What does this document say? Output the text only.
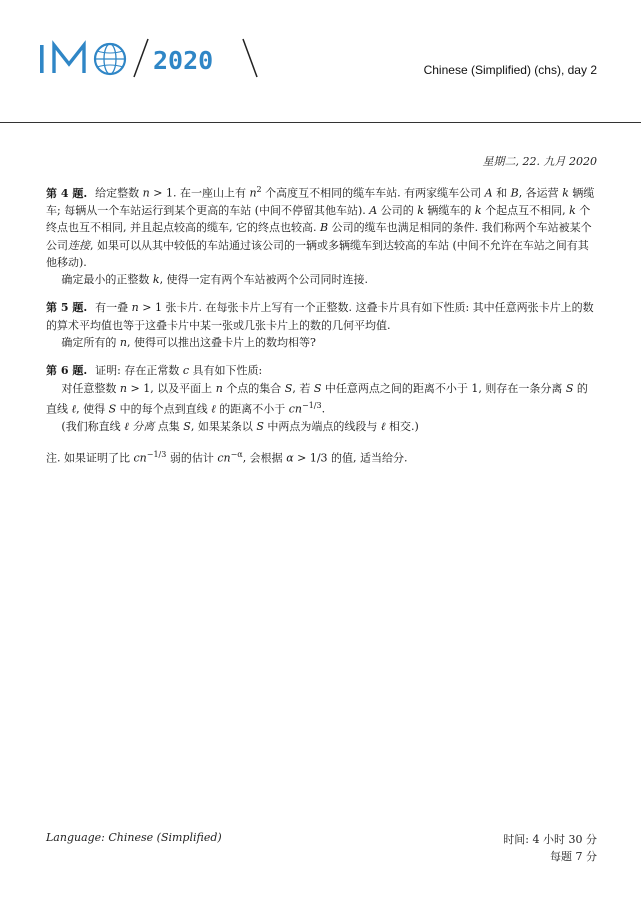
2020	Chinese (Simplified) (chs), day 2
星期二, 22. 九月 2020
第 4 题. 给定整数 n > 1. 在一座山上有 $n^2$ 个高度互不相同的缆车车站. 有两家缆车公司 A 和 B, 各运营 k 辆缆车; 每辆从一个车站运行到某个更高的车站 (中间不停留其他车站). A 公司的 k 辆缆车的 k 个起点互不相同, k 个终点也互不相同, 并且起点较高的缆车, 它的终点也较高. B 公司的缆车也满足相同的条件. 我们称两个车站被某个公司连接, 如果可以从其中较低的车站通过该公司的一辆或多辆缆车到达较高的车站 (中间不允许在车站之间有其他移动).
确定最小的正整数 k, 使得一定有两个车站被两个公司同时连接.
第 5 题. 有一叠 n > 1 张卡片. 在每张卡片上写有一个正整数. 这叠卡片具有如下性质: 其中任意两张卡片上的数的算术平均值也等于这叠卡片中某一张或几张卡片上的数的几何平均值.
确定所有的 n, 使得可以推出这叠卡片上的数均相等?
第 6 题. 证明: 存在正常数 c 具有如下性质:
对任意整数 n > 1, 以及平面上 n 个点的集合 S, 若 S 中任意两点之间的距离不小于 1, 则存在一条分离 S 的直线 ℓ, 使得 S 中的每个点到直线 ℓ 的距离不小于 $cn^{-1/3}$.
(我们称直线 ℓ 分离 点集 S, 如果某条以 S 中两点为端点的线段与 ℓ 相交.)
注. 如果证明了比 $cn^{-1/3}$ 弱的估计 $cn^{-\alpha}$, 会根据 α > 1/3 的值, 适当给分.
Language: Chinese (Simplified)	时间: 4 小时 30 分
每题 7 分
